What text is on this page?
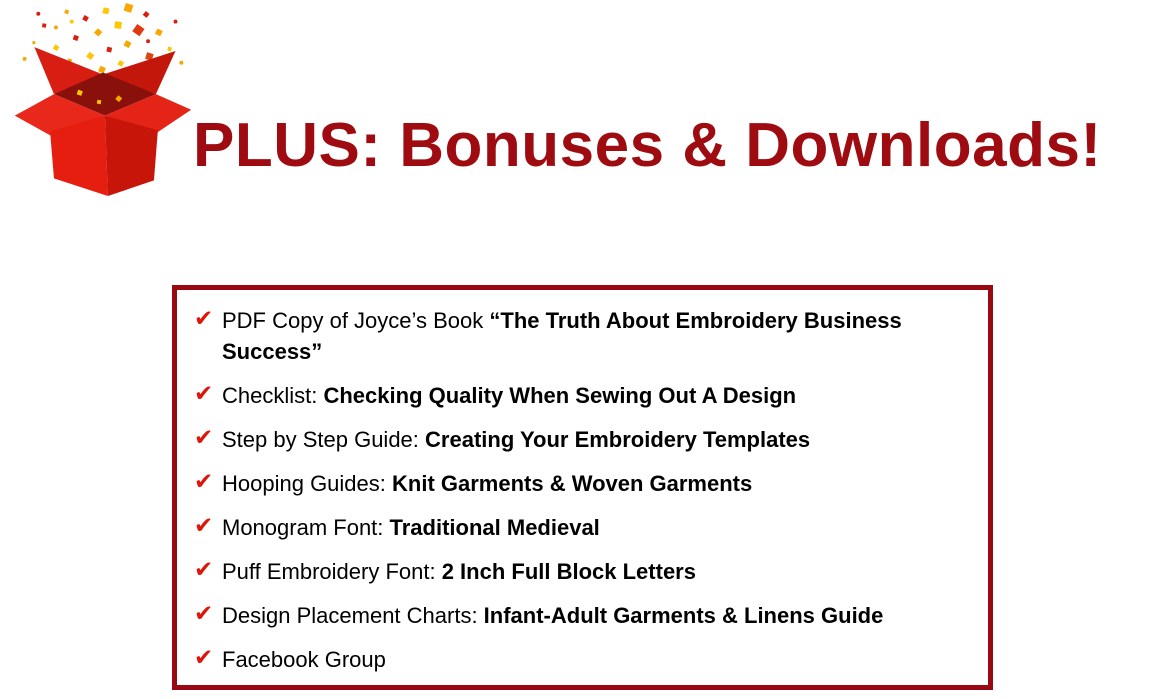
PLUS: Bonuses & Downloads!
✔ PDF Copy of Joyce’s Book “The Truth About Embroidery Business Success”
✔ Checklist: Checking Quality When Sewing Out A Design
✔ Step by Step Guide: Creating Your Embroidery Templates
✔ Hooping Guides: Knit Garments & Woven Garments
✔ Monogram Font: Traditional Medieval
✔ Puff Embroidery Font: 2 Inch Full Block Letters
✔ Design Placement Charts: Infant-Adult Garments & Linens Guide
✔ Facebook Group
